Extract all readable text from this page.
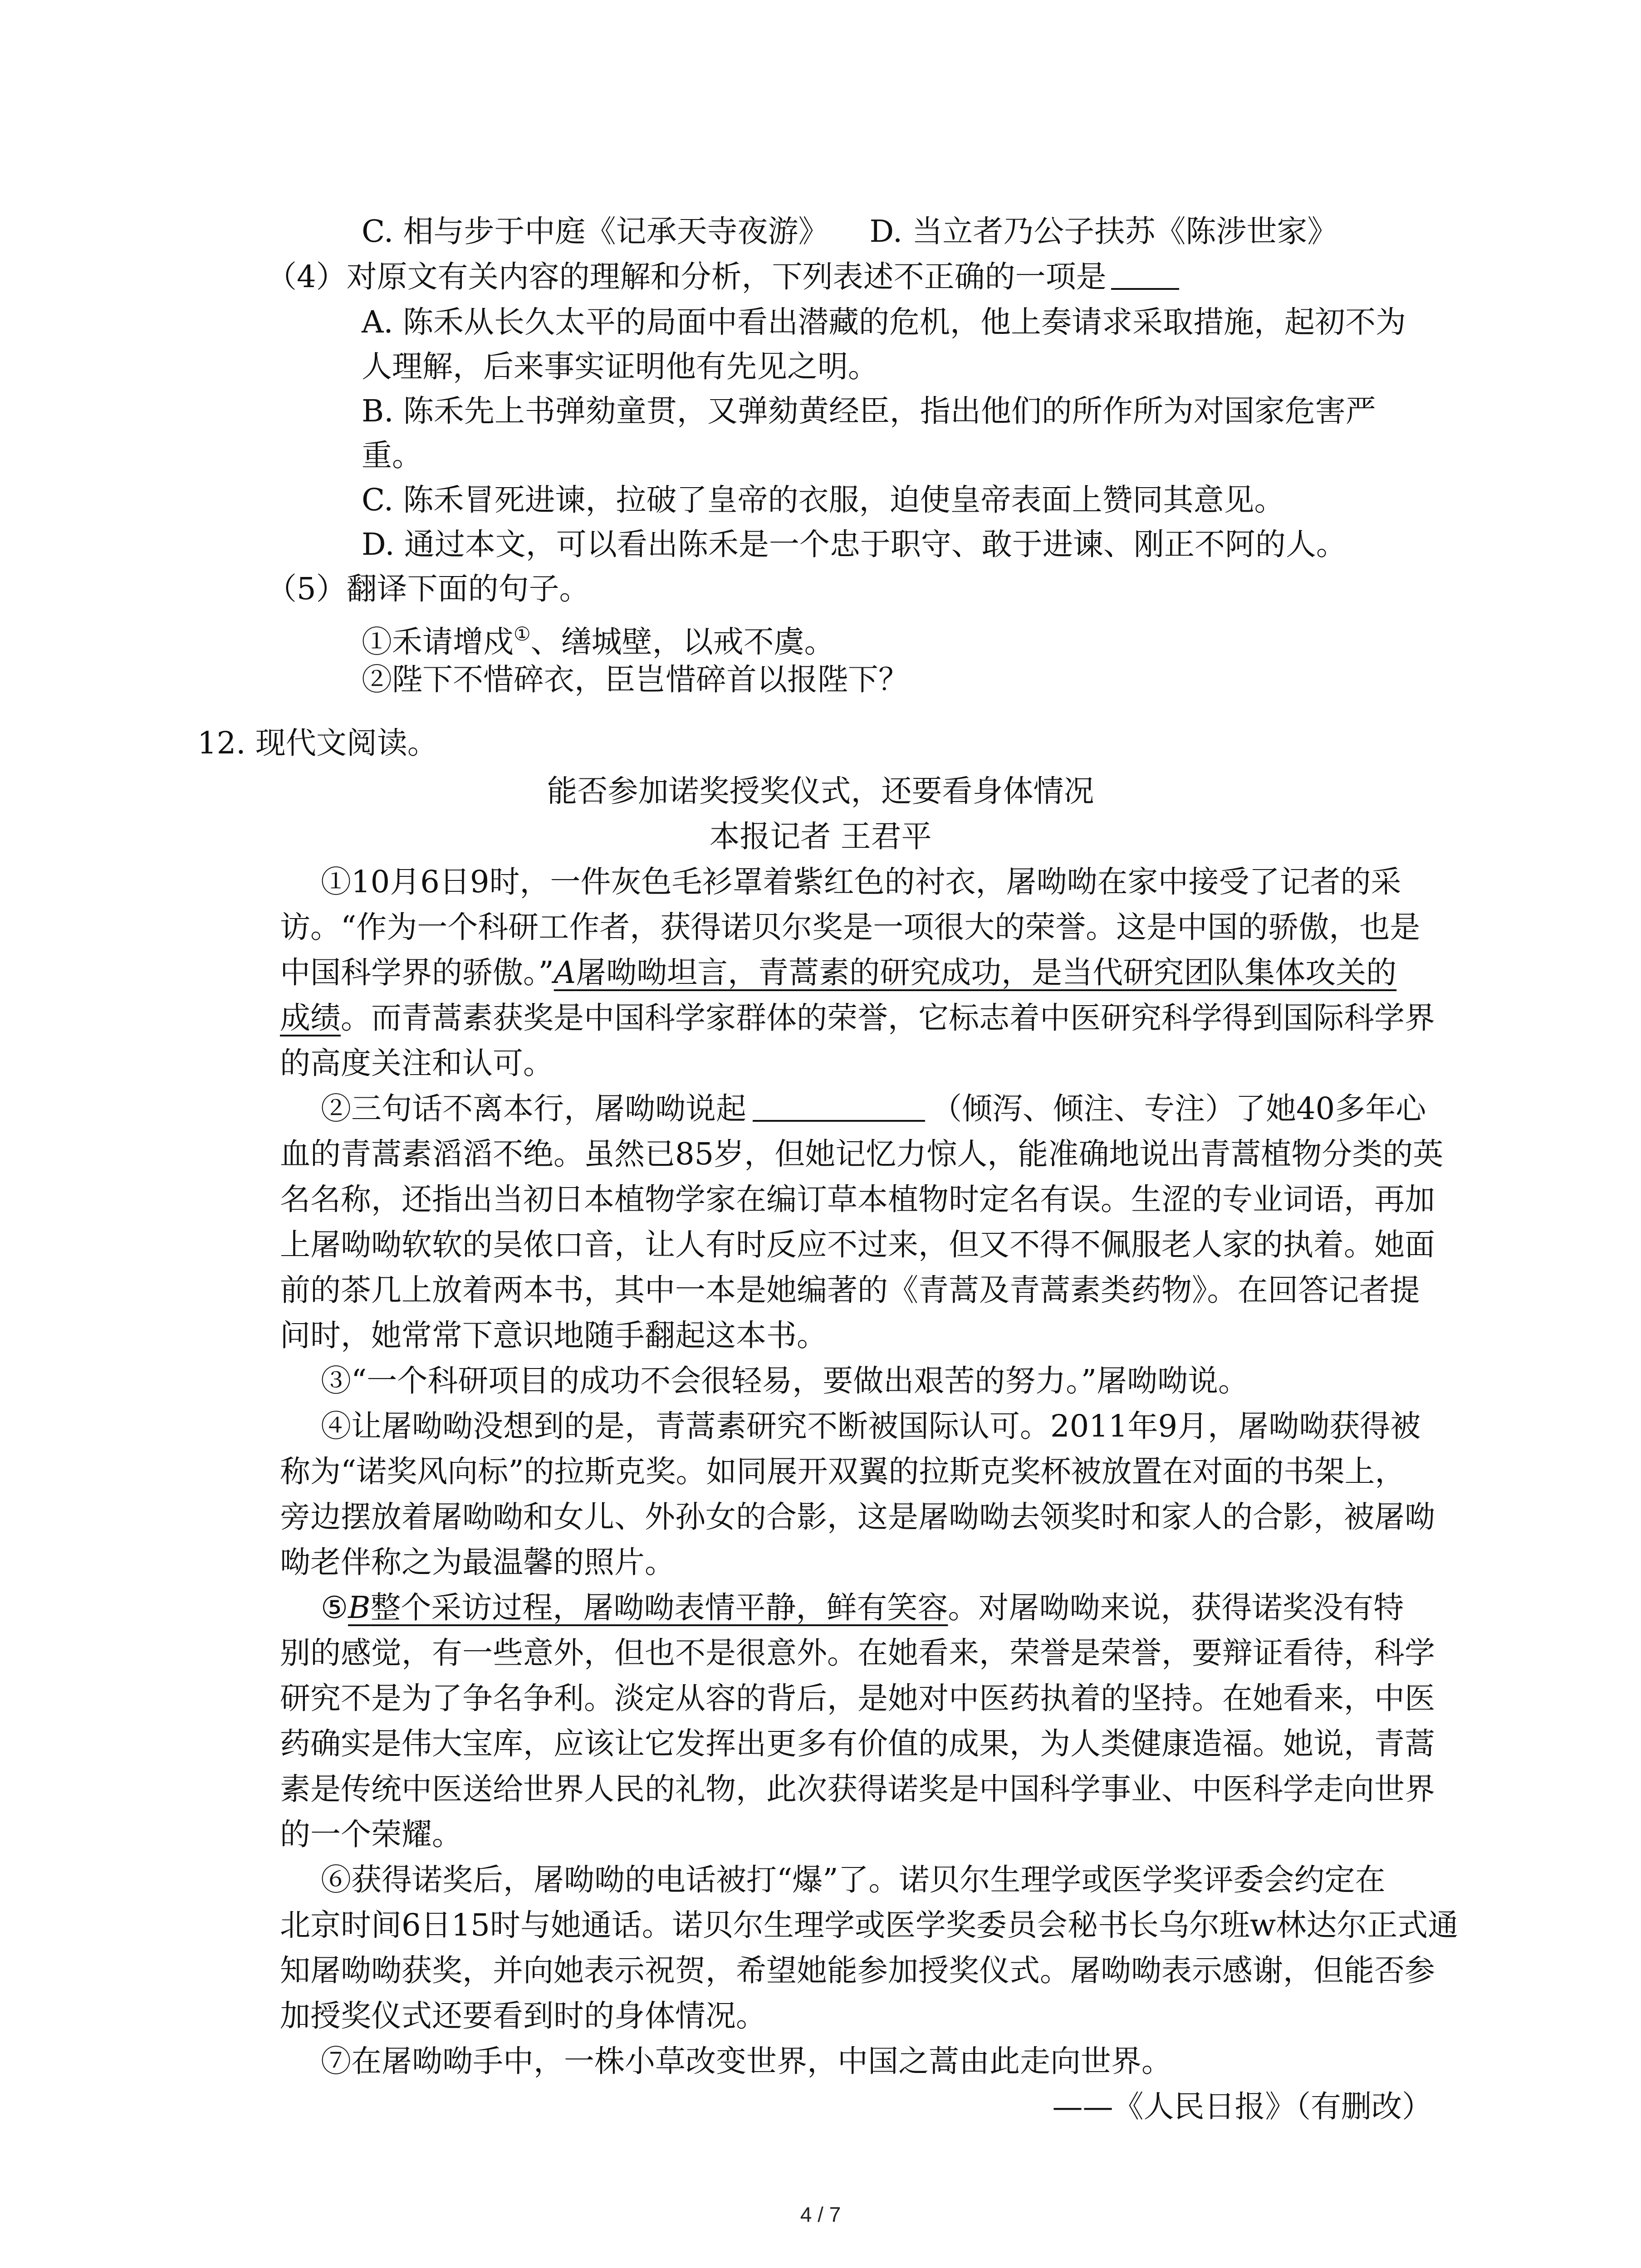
C. 相与步于中庭《记承天寺夜游》 D. 当立者乃公子扶苏《陈涉世家》
（4）对原文有关内容的理解和分析，下列表述不正确的一项是
A. 陈禾从长久太平的局面中看出潜藏的危机，他上奏请求采取措施，起初不为
人理解，后来事实证明他有先见之明。
B. 陈禾先上书弹劾童贯，又弹劾黄经臣，指出他们的所作所为对国家危害严
重。
C. 陈禾冒死进谏，拉破了皇帝的衣服，迫使皇帝表面上赞同其意见。
D. 通过本文，可以看出陈禾是一个忠于职守、敢于进谏、刚正不阿的人。
（5）翻译下面的句子。
①禾请增戍①、缮城壁，以戒不虞。
②陛下不惜碎衣，臣岂惜碎首以报陛下？
12. 现代文阅读。
能否参加诺奖授奖仪式，还要看身体情况
本报记者 王君平
①10月6日9时，一件灰色毛衫罩着紫红色的衬衣，屠呦呦在家中接受了记者的采
访。“作为一个科研工作者，获得诺贝尔奖是一项很大的荣誉。这是中国的骄傲，也是
中国科学界的骄傲。”A屠呦呦坦言，青蒿素的研究成功，是当代研究团队集体攻关的
成绩。而青蒿素获奖是中国科学家群体的荣誉，它标志着中医研究科学得到国际科学界
的高度关注和认可。
②三句话不离本行，屠呦呦说起	（倾泻、倾注、专注）了她40多年心
血的青蒿素滔滔不绝。虽然已85岁，但她记忆力惊人，能准确地说出青蒿植物分类的英
名名称，还指出当初日本植物学家在编订草本植物时定名有误。生涩的专业词语，再加
上屠呦呦软软的吴侬口音，让人有时反应不过来，但又不得不佩服老人家的执着。她面
前的茶几上放着两本书，其中一本是她编著的《青蒿及青蒿素类药物》。在回答记者提
问时，她常常下意识地随手翻起这本书。
③“一个科研项目的成功不会很轻易，要做出艰苦的努力。”屠呦呦说。
④让屠呦呦没想到的是，青蒿素研究不断被国际认可。2011年9月，屠呦呦获得被
称为“诺奖风向标”的拉斯克奖。如同展开双翼的拉斯克奖杯被放置在对面的书架上，
旁边摆放着屠呦呦和女儿、外孙女的合影，这是屠呦呦去领奖时和家人的合影，被屠呦
呦老伴称之为最温馨的照片。
⑤B整个采访过程，屠呦呦表情平静，鲜有笑容。对屠呦呦来说，获得诺奖没有特
别的感觉，有一些意外，但也不是很意外。在她看来，荣誉是荣誉，要辩证看待，科学
研究不是为了争名争利。淡定从容的背后，是她对中医药执着的坚持。在她看来，中医
药确实是伟大宝库，应该让它发挥出更多有价值的成果，为人类健康造福。她说，青蒿
素是传统中医送给世界人民的礼物，此次获得诺奖是中国科学事业、中医科学走向世界
的一个荣耀。
⑥获得诺奖后，屠呦呦的电话被打“爆”了。诺贝尔生理学或医学奖评委会约定在
北京时间6日15时与她通话。诺贝尔生理学或医学奖委员会秘书长乌尔班w林达尔正式通
知屠呦呦获奖，并向她表示祝贺，希望她能参加授奖仪式。屠呦呦表示感谢，但能否参
加授奖仪式还要看到时的身体情况。
⑦在屠呦呦手中，一株小草改变世界，中国之蒿由此走向世界。
——《人民日报》（有删改）
4 / 7
